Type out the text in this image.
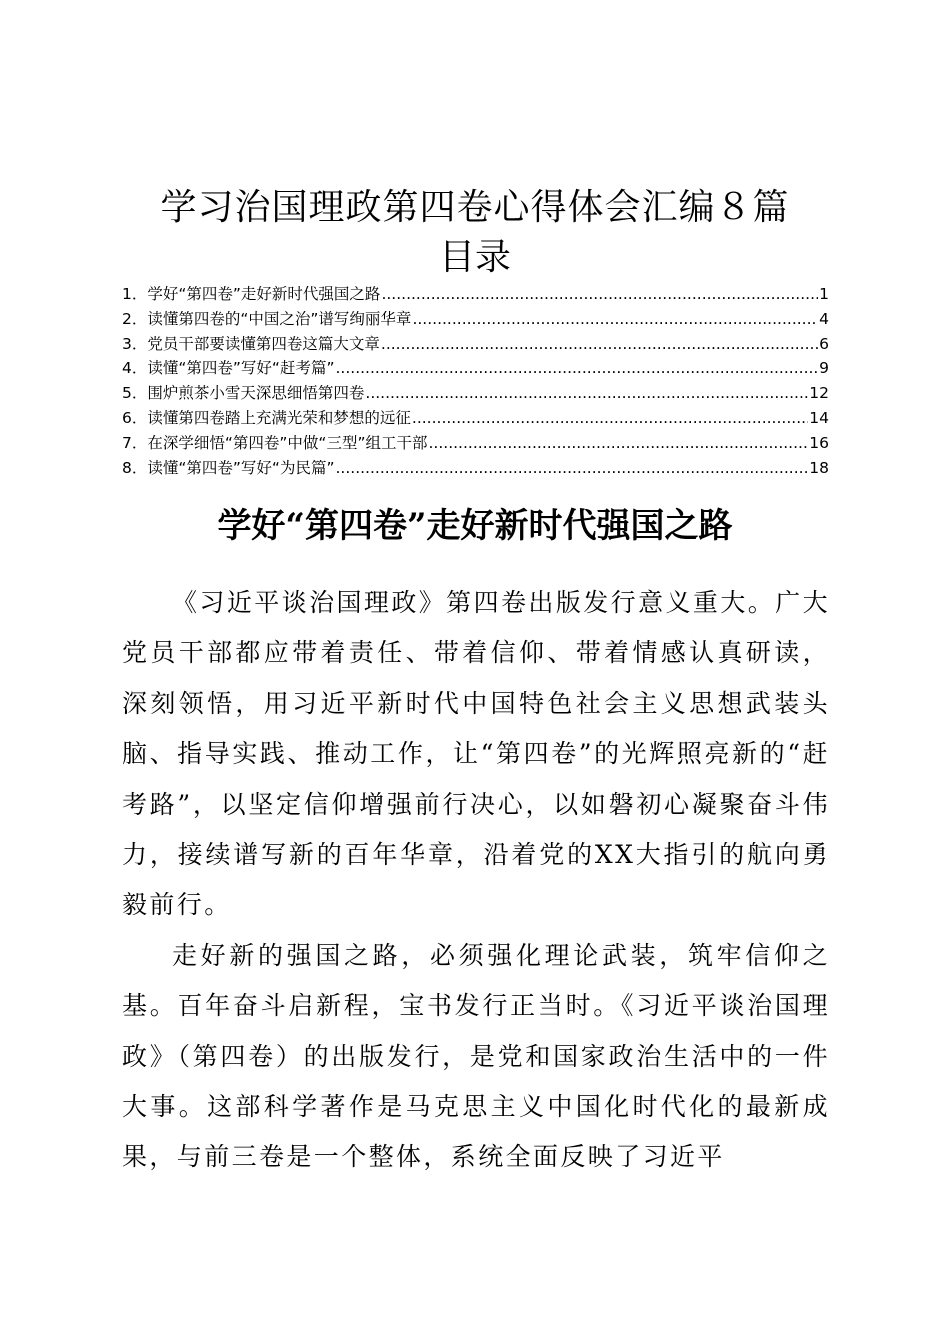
学习治国理政第四卷心得体会汇编８篇
目录
1． 学好“第四卷”走好新时代强国之路 .....	1
2． 读懂第四卷的“中国之治”谱写绚丽华章 .....	4
3． 党员干部要读懂第四卷这篇大文章 .....	6
4． 读懂“第四卷”写好“赶考篇” .....	9
5． 围炉煎茶小雪天深思细悟第四卷 .....	12
6． 读懂第四卷踏上充满光荣和梦想的远征 .....	14
7． 在深学细悟“第四卷”中做“三型”组工干部 .....	16
8． 读懂“第四卷”写好“为民篇” .....	18
学好“第四卷”走好新时代强国之路

《习近平谈治国理政》第四卷出版发行意义重大。广大党员干部都应带着责任、带着信仰、带着情感认真研读，深刻领悟，用习近平新时代中国特色社会主义思想武装头脑、指导实践、推动工作，让“第四卷”的光辉照亮新的“赶考路”，以坚定信仰增强前行决心，以如磐初心凝聚奋斗伟力，接续谱写新的百年华章，沿着党的XX大指引的航向勇毅前行。

走好新的强国之路，必须强化理论武装，筑牢信仰之基。百年奋斗启新程，宝书发行正当时。《习近平谈治国理政》（第四卷）的出版发行，是党和国家政治生活中的一件大事。这部科学著作是马克思主义中国化时代化的最新成果，与前三卷是一个整体，系统全面反映了习近平
